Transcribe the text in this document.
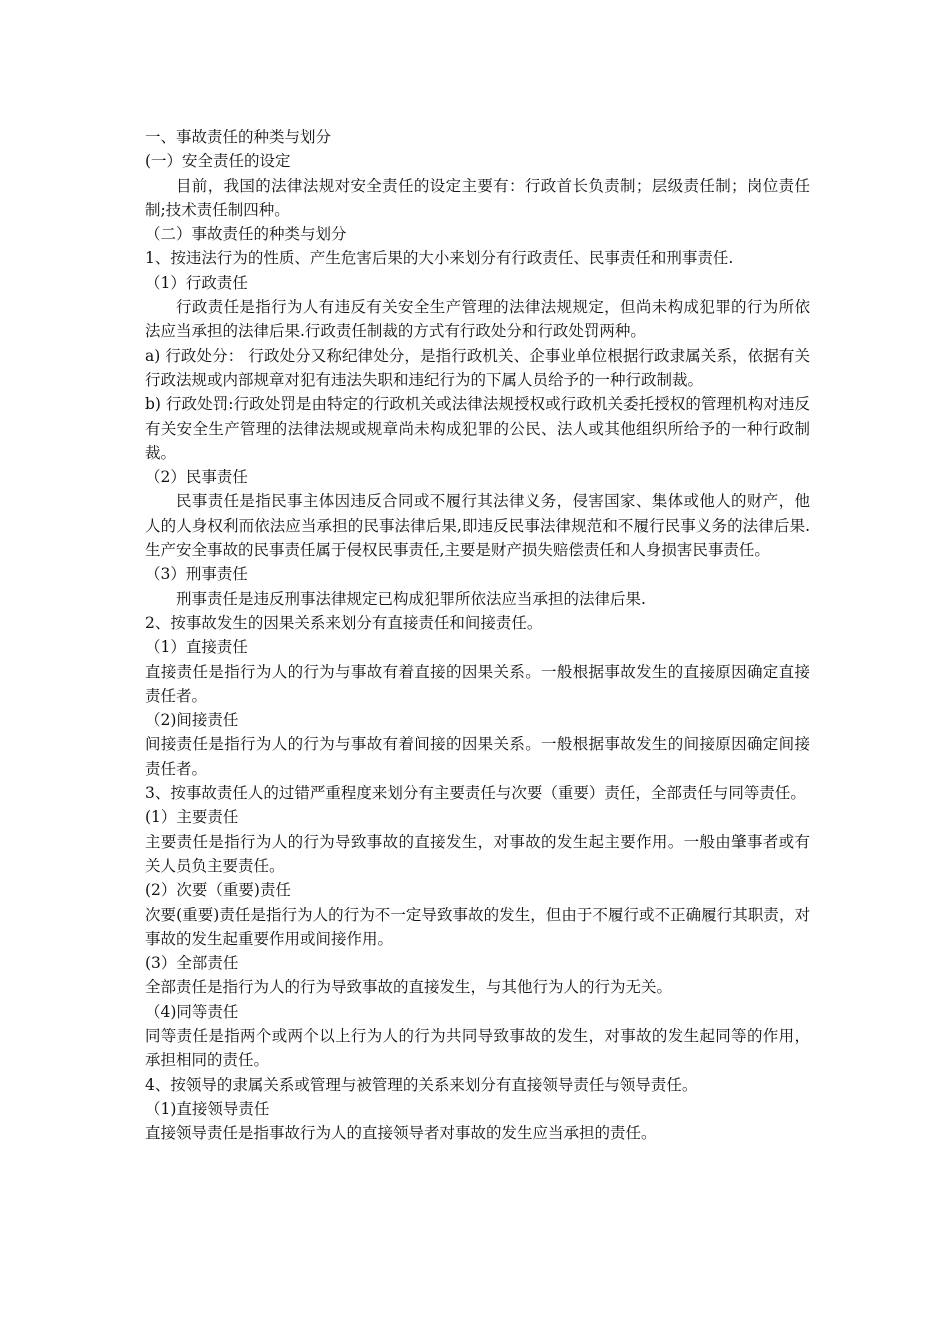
一、事故责任的种类与划分

(一）安全责任的设定

目前，我国的法律法规对安全责任的设定主要有：行政首长负责制；层级责任制；岗位责任制;技术责任制四种。

（二）事故责任的种类与划分

1、按违法行为的性质、产生危害后果的大小来划分有行政责任、民事责任和刑事责任.

（1）行政责任

行政责任是指行为人有违反有关安全生产管理的法律法规规定，但尚未构成犯罪的行为所依法应当承担的法律后果.行政责任制裁的方式有行政处分和行政处罚两种。

a) 行政处分： 行政处分又称纪律处分，是指行政机关、企事业单位根据行政隶属关系，依据有关行政法规或内部规章对犯有违法失职和违纪行为的下属人员给予的一种行政制裁。

b) 行政处罚:行政处罚是由特定的行政机关或法律法规授权或行政机关委托授权的管理机构对违反有关安全生产管理的法律法规或规章尚未构成犯罪的公民、法人或其他组织所给予的一种行政制裁。

（2）民事责任

民事责任是指民事主体因违反合同或不履行其法律义务，侵害国家、集体或他人的财产，他人的人身权利而依法应当承担的民事法律后果,即违反民事法律规范和不履行民事义务的法律后果.生产安全事故的民事责任属于侵权民事责任,主要是财产损失赔偿责任和人身损害民事责任。

（3）刑事责任

刑事责任是违反刑事法律规定已构成犯罪所依法应当承担的法律后果.

2、按事故发生的因果关系来划分有直接责任和间接责任。

（1）直接责任

直接责任是指行为人的行为与事故有着直接的因果关系。一般根据事故发生的直接原因确定直接责任者。

（2)间接责任

间接责任是指行为人的行为与事故有着间接的因果关系。一般根据事故发生的间接原因确定间接责任者。

3、按事故责任人的过错严重程度来划分有主要责任与次要（重要）责任，全部责任与同等责任。

(1）主要责任

主要责任是指行为人的行为导致事故的直接发生，对事故的发生起主要作用。一般由肇事者或有关人员负主要责任。

(2）次要（重要)责任

次要(重要)责任是指行为人的行为不一定导致事故的发生，但由于不履行或不正确履行其职责，对事故的发生起重要作用或间接作用。

(3）全部责任

全部责任是指行为人的行为导致事故的直接发生，与其他行为人的行为无关。

（4)同等责任

同等责任是指两个或两个以上行为人的行为共同导致事故的发生，对事故的发生起同等的作用，承担相同的责任。

4、按领导的隶属关系或管理与被管理的关系来划分有直接领导责任与领导责任。

（1)直接领导责任

直接领导责任是指事故行为人的直接领导者对事故的发生应当承担的责任。
